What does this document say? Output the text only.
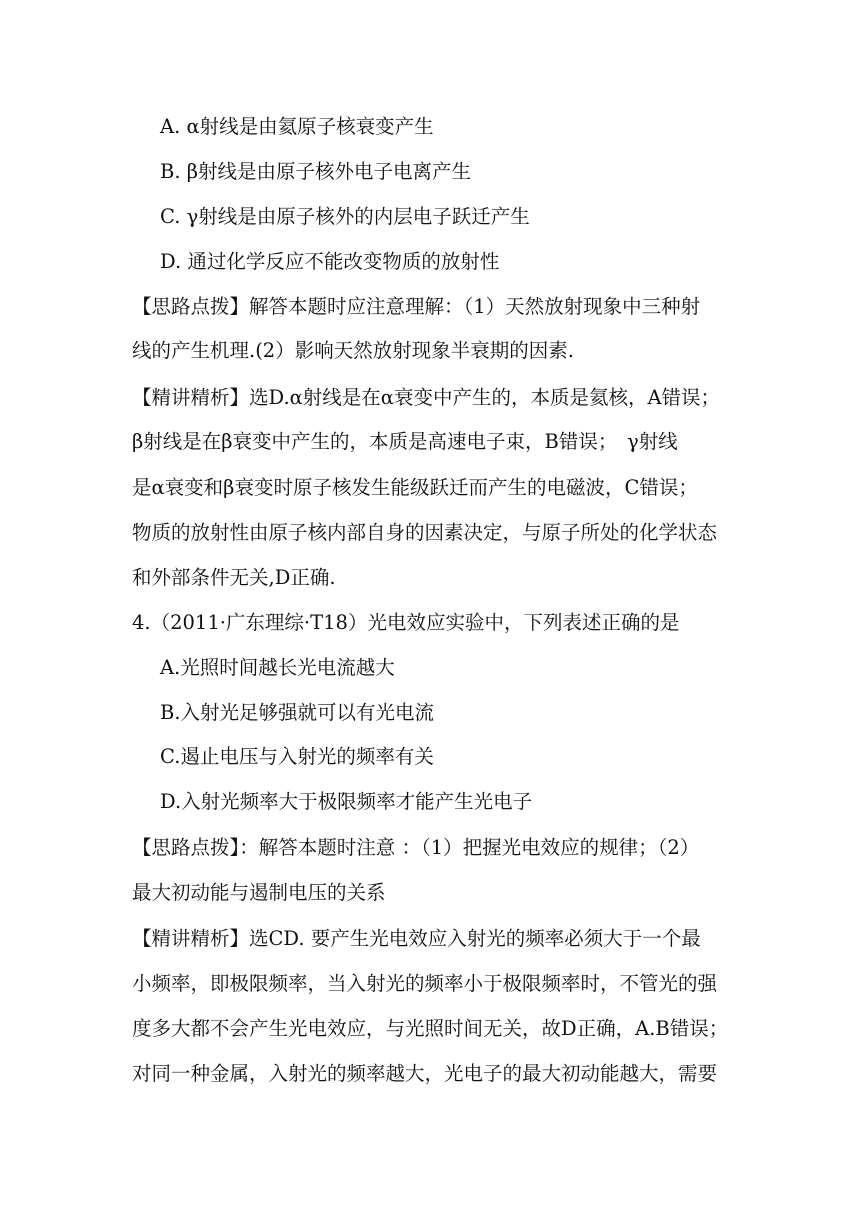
A. α射线是由氦原子核衰变产生
B. β射线是由原子核外电子电离产生
C. γ射线是由原子核外的内层电子跃迁产生
D. 通过化学反应不能改变物质的放射性
【思路点拨】解答本题时应注意理解：（1）天然放射现象中三种射
线的产生机理.(2）影响天然放射现象半衰期的因素.
【精讲精析】选D.α射线是在α衰变中产生的，本质是氦核，A错误；
β射线是在β衰变中产生的，本质是高速电子束，B错误；　γ射线
是α衰变和β衰变时原子核发生能级跃迁而产生的电磁波，C错误；
物质的放射性由原子核内部自身的因素决定，与原子所处的化学状态
和外部条件无关,D正确.
4.（2011·广东理综·T18）光电效应实验中，下列表述正确的是
A.光照时间越长光电流越大
B.入射光足够强就可以有光电流
C.遏止电压与入射光的频率有关
D.入射光频率大于极限频率才能产生光电子
【思路点拨】：解答本题时注意 ：（1）把握光电效应的规律；（2）
最大初动能与遏制电压的关系
【精讲精析】选CD. 要产生光电效应入射光的频率必须大于一个最
小频率，即极限频率，当入射光的频率小于极限频率时，不管光的强
度多大都不会产生光电效应，与光照时间无关，故D正确，A.B错误；
对同一种金属，入射光的频率越大，光电子的最大初动能越大，需要
